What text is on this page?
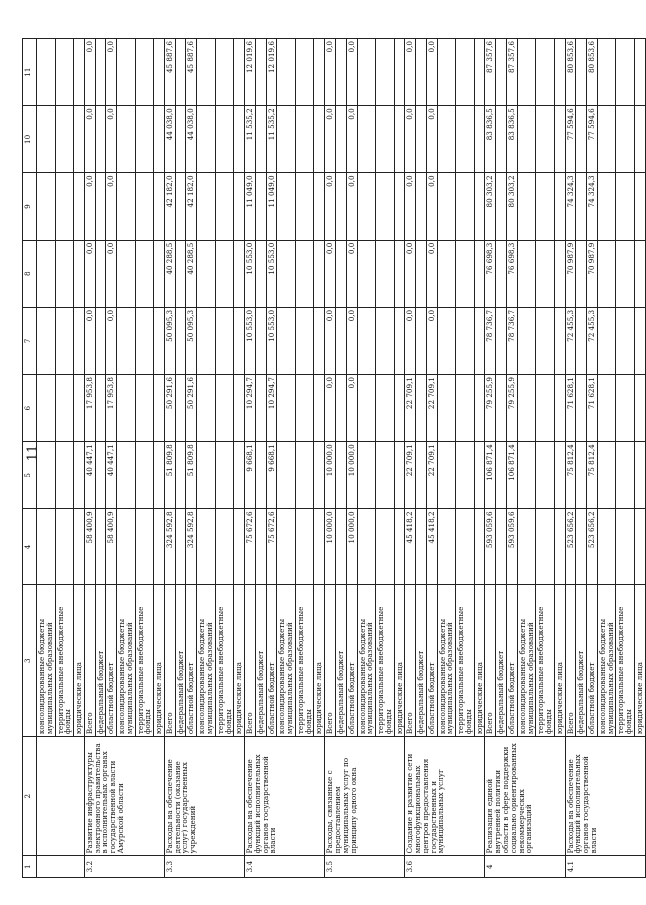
11
1	2	3	4	5	6	7	8	9	10	11
		консолидированные бюджеты муниципальных образований								
		территориальные внебюджетные фонды								
		юридические лица								
3.2	Развитие инфраструктуры электронного правительства в исполнительных органах государственной власти Амурской области	Всего	58 400,9	40 447,1	17 953,8	0,0	0,0	0,0	0,0	0,0
		федеральный бюджет								
		областной бюджет	58 400,9	40 447,1	17 953,8	0,0	0,0	0,0	0,0	0,0
		консолидированные бюджеты муниципальных образований								
		территориальные внебюджетные фонды								
		юридические лица								
3.3	Расходы на обеспечение деятельности (оказание услуг) государственных учреждений	Всего	324 592,8	51 809,8	50 291,6	50 095,3	40 288,5	42 182,0	44 038,0	45 887,6
		федеральный бюджет								
		областной бюджет	324 592,8	51 809,8	50 291,6	50 095,3	40 288,5	42 182,0	44 038,0	45 887,6
		консолидированные бюджеты муниципальных образований								
		территориальные внебюджетные фонды								
		юридические лица								
3.4	Расходы на обеспечение функций исполнительных органов государственной власти	Всего	75 672,6	9 668,1	10 294,7	10 553,0	10 553,0	11 049,0	11 535,2	12 019,6
		федеральный бюджет								
		областной бюджет	75 672,6	9 668,1	10 294,7	10 553,0	10 553,0	11 049,0	11 535,2	12 019,6
		консолидированные бюджеты муниципальных образований								
		территориальные внебюджетные фонды								
		юридические лица								
3.5	Расходы, связанные с предоставлением муниципальных услуг по принципу одного окна	Всего	10 000,0	10 000,0	0,0	0,0	0,0	0,0	0,0	0,0
		федеральный бюджет								
		областной бюджет	10 000,0	10 000,0	0,0	0,0	0,0	0,0	0,0	0,0
		консолидированные бюджеты муниципальных образований								
		территориальные внебюджетные фонды								
		юридические лица								
3.6	Создание и развитие сети многофункциональных центров предоставления государственных и муниципальных услуг	Всего	45 418,2	22 709,1	22 709,1	0,0	0,0	0,0	0,0	0,0
		федеральный бюджет								
		областной бюджет	45 418,2	22 709,1	22 709,1	0,0	0,0	0,0	0,0	0,0
		консолидированные бюджеты муниципальных образований								
		территориальные внебюджетные фонды								
		юридические лица								
4	Реализация единой внутренней политики области в сфере поддержки социально ориентированных некоммерческих организаций	Всего	593 059,6	106 871,4	79 255,9	78 736,7	76 698,3	80 303,2	83 836,5	87 357,6
		федеральный бюджет								
		областной бюджет	593 059,6	106 871,4	79 255,9	78 736,7	76 698,3	80 303,2	83 836,5	87 357,6
		консолидированные бюджеты муниципальных образований								
		территориальные внебюджетные фонды								
		юридические лица								
4.1	Расходы на обеспечение функций исполнительных органов государственной власти	Всего	523 656,2	75 812,4	71 628,1	72 455,3	70 987,9	74 324,3	77 594,6	80 853,6
		федеральный бюджет								
		областной бюджет	523 656,2	75 812,4	71 628,1	72 455,3	70 987,9	74 324,3	77 594,6	80 853,6
		консолидированные бюджеты муниципальных образований								
		территориальные внебюджетные фонды								
		юридические лица								
